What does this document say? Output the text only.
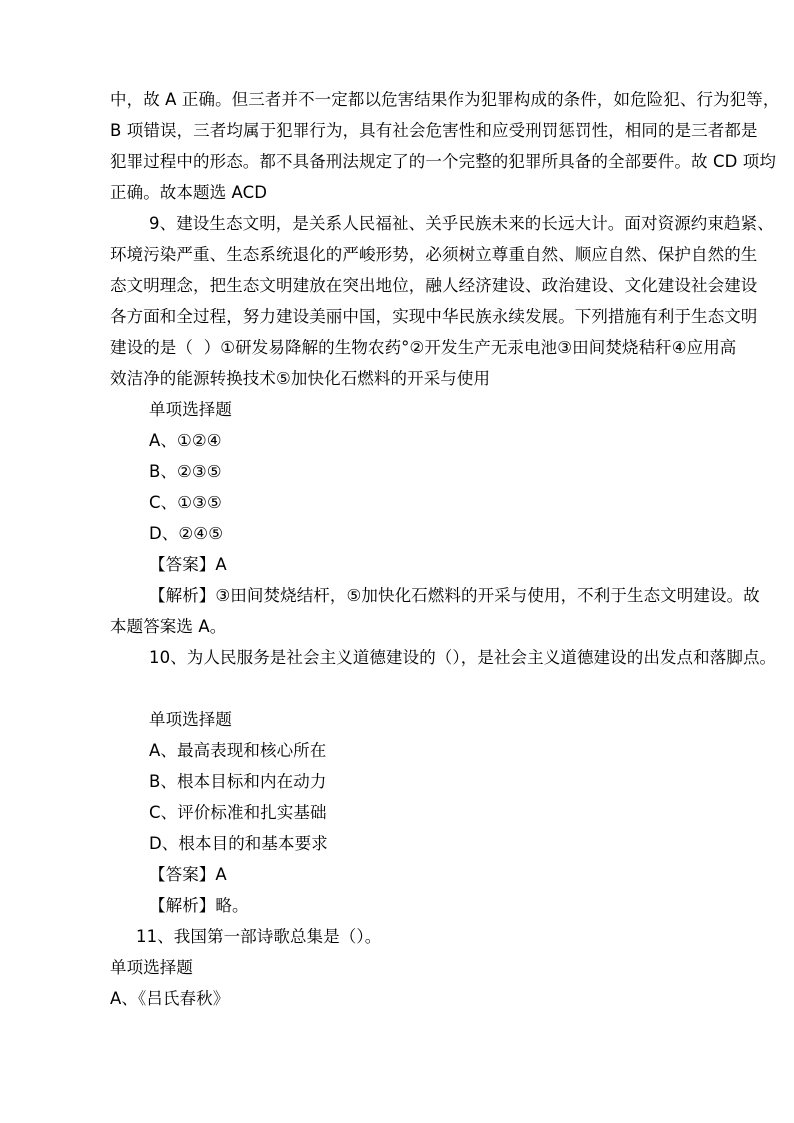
中，故 A 正确。但三者并不一定都以危害结果作为犯罪构成的条件，如危险犯、行为犯等，
B 项错误，三者均属于犯罪行为，具有社会危害性和应受刑罚惩罚性，相同的是三者都是
犯罪过程中的形态。都不具备刑法规定了的一个完整的犯罪所具备的全部要件。故 CD 项均
正确。故本题选 ACD
9、建设生态文明，是关系人民福祉、关乎民族未来的长远大计。面对资源约束趋紧、
环境污染严重、生态系统退化的严峻形势，必须树立尊重自然、顺应自然、保护自然的生
态文明理念，把生态文明建放在突出地位，融人经济建设、政治建设、文化建设社会建设
各方面和全过程，努力建设美丽中国，实现中华民族永续发展。下列措施有利于生态文明
建设的是（  ）①研发易降解的生物农药°②开发生产无汞电池③田间焚烧秸秆④应用高
效洁净的能源转换技术⑤加快化石燃料的开采与使用
单项选择题
A、①②④
B、②③⑤
C、①③⑤
D、②④⑤
【答案】A
【解析】③田间焚烧结杆，⑤加快化石燃料的开采与使用，不利于生态文明建设。故
本题答案选 A。
10、为人民服务是社会主义道德建设的（），是社会主义道德建设的出发点和落脚点。
单项选择题
A、最高表现和核心所在
B、根本目标和内在动力
C、评价标准和扎实基础
D、根本目的和基本要求
【答案】A
【解析】略。
11、我国第一部诗歌总集是（）。
单项选择题
A、《吕氏春秋》
